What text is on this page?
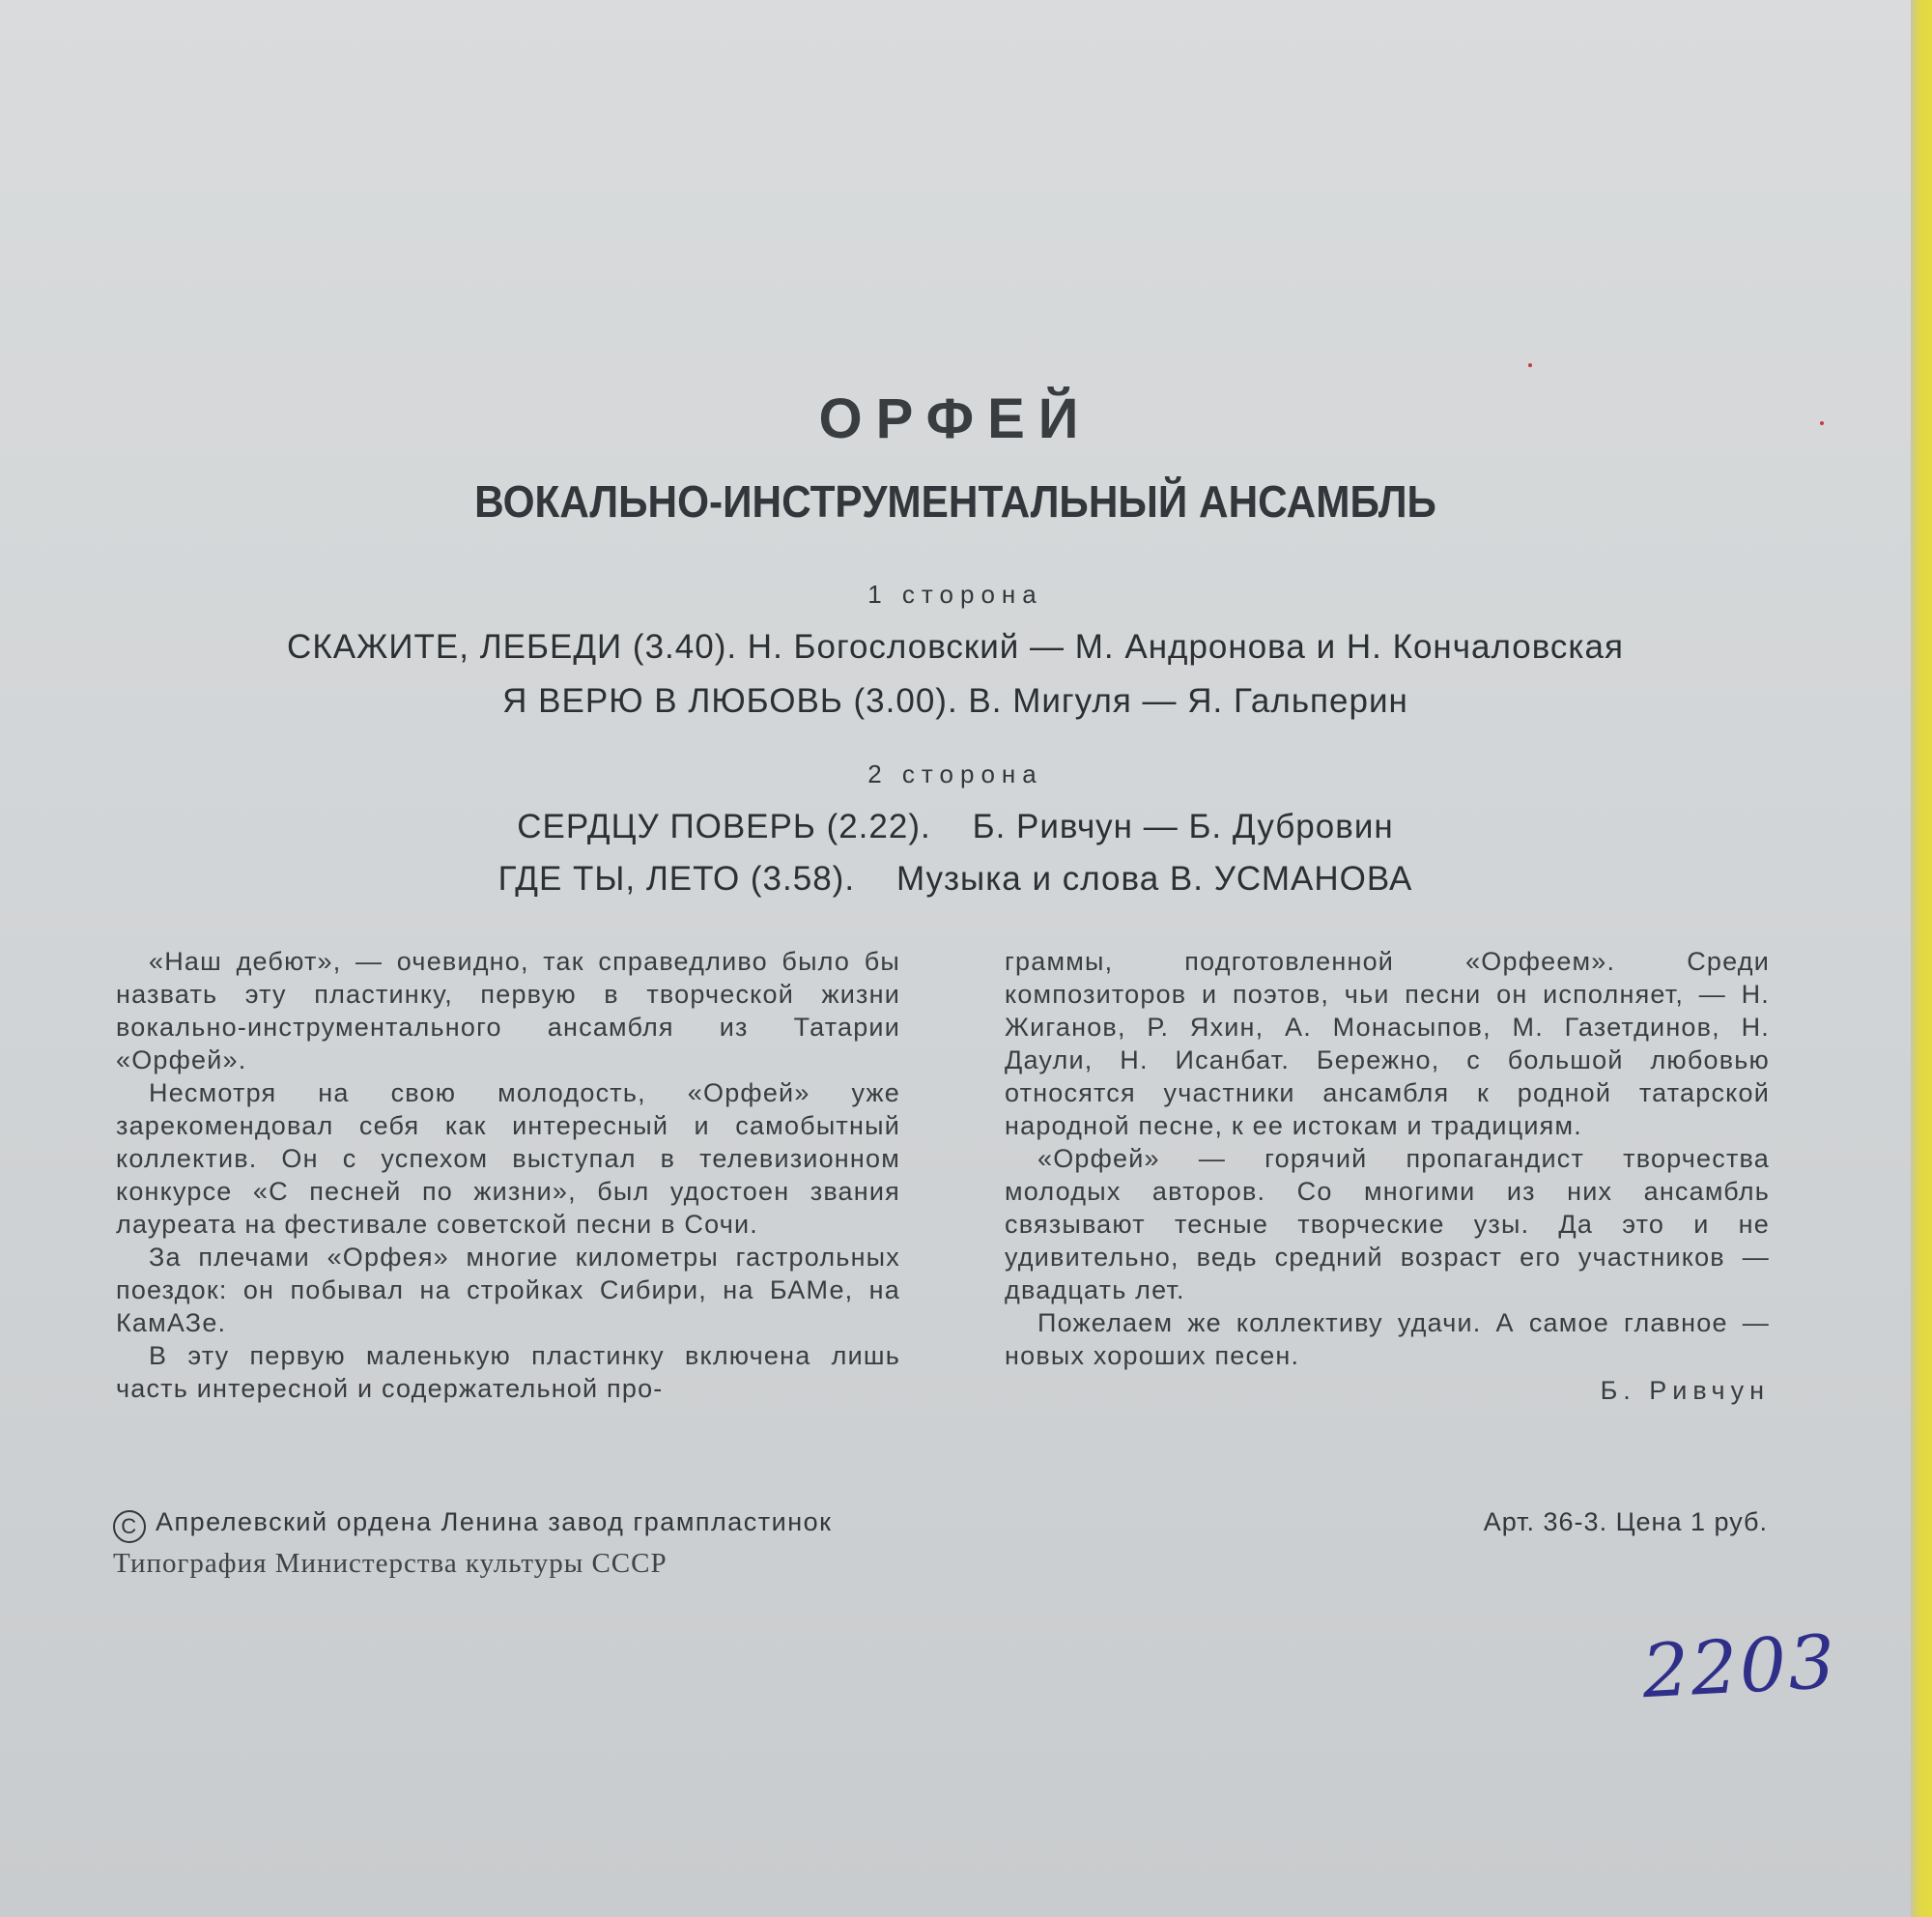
ОРФЕЙ
ВОКАЛЬНО-ИНСТРУМЕНТАЛЬНЫЙ АНСАМБЛЬ
1 сторона
СКАЖИТЕ, ЛЕБЕДИ (3.40). Н. Богословский — М. Андронова и Н. Кончаловская
Я ВЕРЮ В ЛЮБОВЬ (3.00). В. Мигуля — Я. Гальперин
2 сторона
СЕРДЦУ ПОВЕРЬ (2.22).    Б. Ривчун — Б. Дубровин
ГДЕ ТЫ, ЛЕТО (3.58).    Музыка и слова В. УСМАНОВА

«Наш дебют», — очевидно, так справедливо было бы назвать эту пластинку, первую в творческой жизни вокально-инструментального ансамбля из Татарии «Орфей».

Несмотря на свою молодость, «Орфей» уже зарекомендовал себя как интересный и самобытный коллектив. Он с успехом выступал в телевизионном конкурсе «С песней по жизни», был удостоен звания лауреата на фестивале советской песни в Сочи.

За плечами «Орфея» многие километры гастрольных поездок: он побывал на стройках Сибири, на БАМе, на КамАЗе.

В эту первую маленькую пластинку включена лишь часть интересной и содержательной про-

граммы, подготовленной «Орфеем». Среди композиторов и поэтов, чьи песни он исполняет, — Н. Жиганов, Р. Яхин, А. Монасыпов, М. Газетдинов, Н. Даули, Н. Исанбат. Бережно, с большой любовью относятся участники ансамбля к родной татарской народной песне, к ее истокам и традициям.

«Орфей» — горячий пропагандист творчества молодых авторов. Со многими из них ансамбль связывают тесные творческие узы. Да это и не удивительно, ведь средний возраст его участников — двадцать лет.

Пожелаем же коллективу удачи. А самое главное — новых хороших песен.

Б. Ривчун
C Апрелевский ордена Ленина завод грампластинок
Типография Министерства культуры СССР
Арт. 36-3. Цена 1 руб.
2203
